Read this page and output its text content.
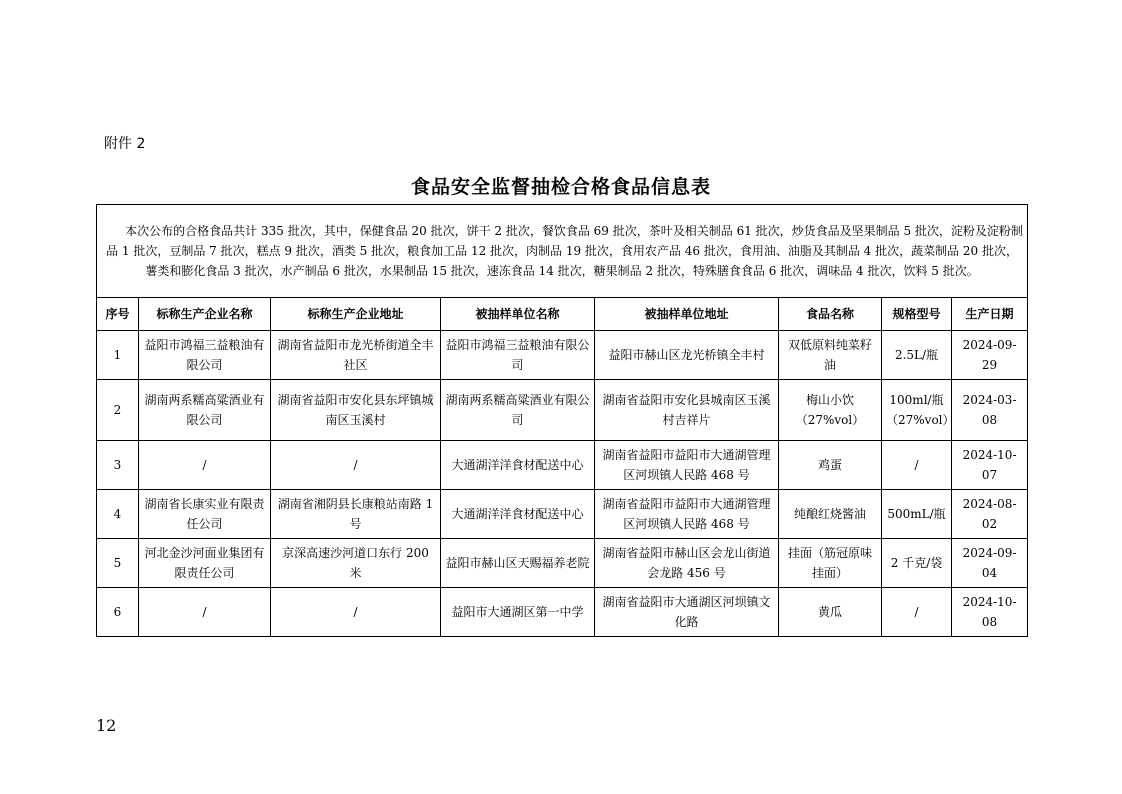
附件 2
食品安全监督抽检合格食品信息表
本次公布的合格食品共计 335 批次，其中，保健食品 20 批次，饼干 2 批次，餐饮食品 69 批次，茶叶及相关制品 61 批次，炒货食品及坚果制品 5 批次，淀粉及淀粉制品 1 批次，豆制品 7 批次，糕点 9 批次，酒类 5 批次，粮食加工品 12 批次，肉制品 19 批次，食用农产品 46 批次，食用油、油脂及其制品 4 批次，蔬菜制品 20 批次，薯类和膨化食品 3 批次，水产制品 6 批次，水果制品 15 批次，速冻食品 14 批次，糖果制品 2 批次，特殊膳食食品 6 批次，调味品 4 批次，饮料 5 批次。							
序号	标称生产企业名称	标称生产企业地址	被抽样单位名称	被抽样单位地址	食品名称	规格型号	生产日期
1	益阳市鸿福三益粮油有限公司	湖南省益阳市龙光桥街道全丰社区	益阳市鸿福三益粮油有限公司	益阳市赫山区龙光桥镇全丰村	双低原料纯菜籽油	2.5L/瓶	2024-09-29
2	湖南两系糯高粱酒业有限公司	湖南省益阳市安化县东坪镇城南区玉溪村	湖南两系糯高粱酒业有限公司	湖南省益阳市安化县城南区玉溪村吉祥片	梅山小饮（27%vol）	100ml/瓶（27%vol）	2024-03-08
3	/	/	大通湖洋洋食材配送中心	湖南省益阳市益阳市大通湖管理区河坝镇人民路 468 号	鸡蛋	/	2024-10-07
4	湖南省长康实业有限责任公司	湖南省湘阴县长康粮站南路 1 号	大通湖洋洋食材配送中心	湖南省益阳市益阳市大通湖管理区河坝镇人民路 468 号	纯酿红烧酱油	500mL/瓶	2024-08-02
5	河北金沙河面业集团有限责任公司	京深高速沙河道口东行 200 米	益阳市赫山区天赐福养老院	湖南省益阳市赫山区会龙山街道会龙路 456 号	挂面（筋冠原味挂面）	2 千克/袋	2024-09-04
6	/	/	益阳市大通湖区第一中学	湖南省益阳市大通湖区河坝镇文化路	黄瓜	/	2024-10-08
12
